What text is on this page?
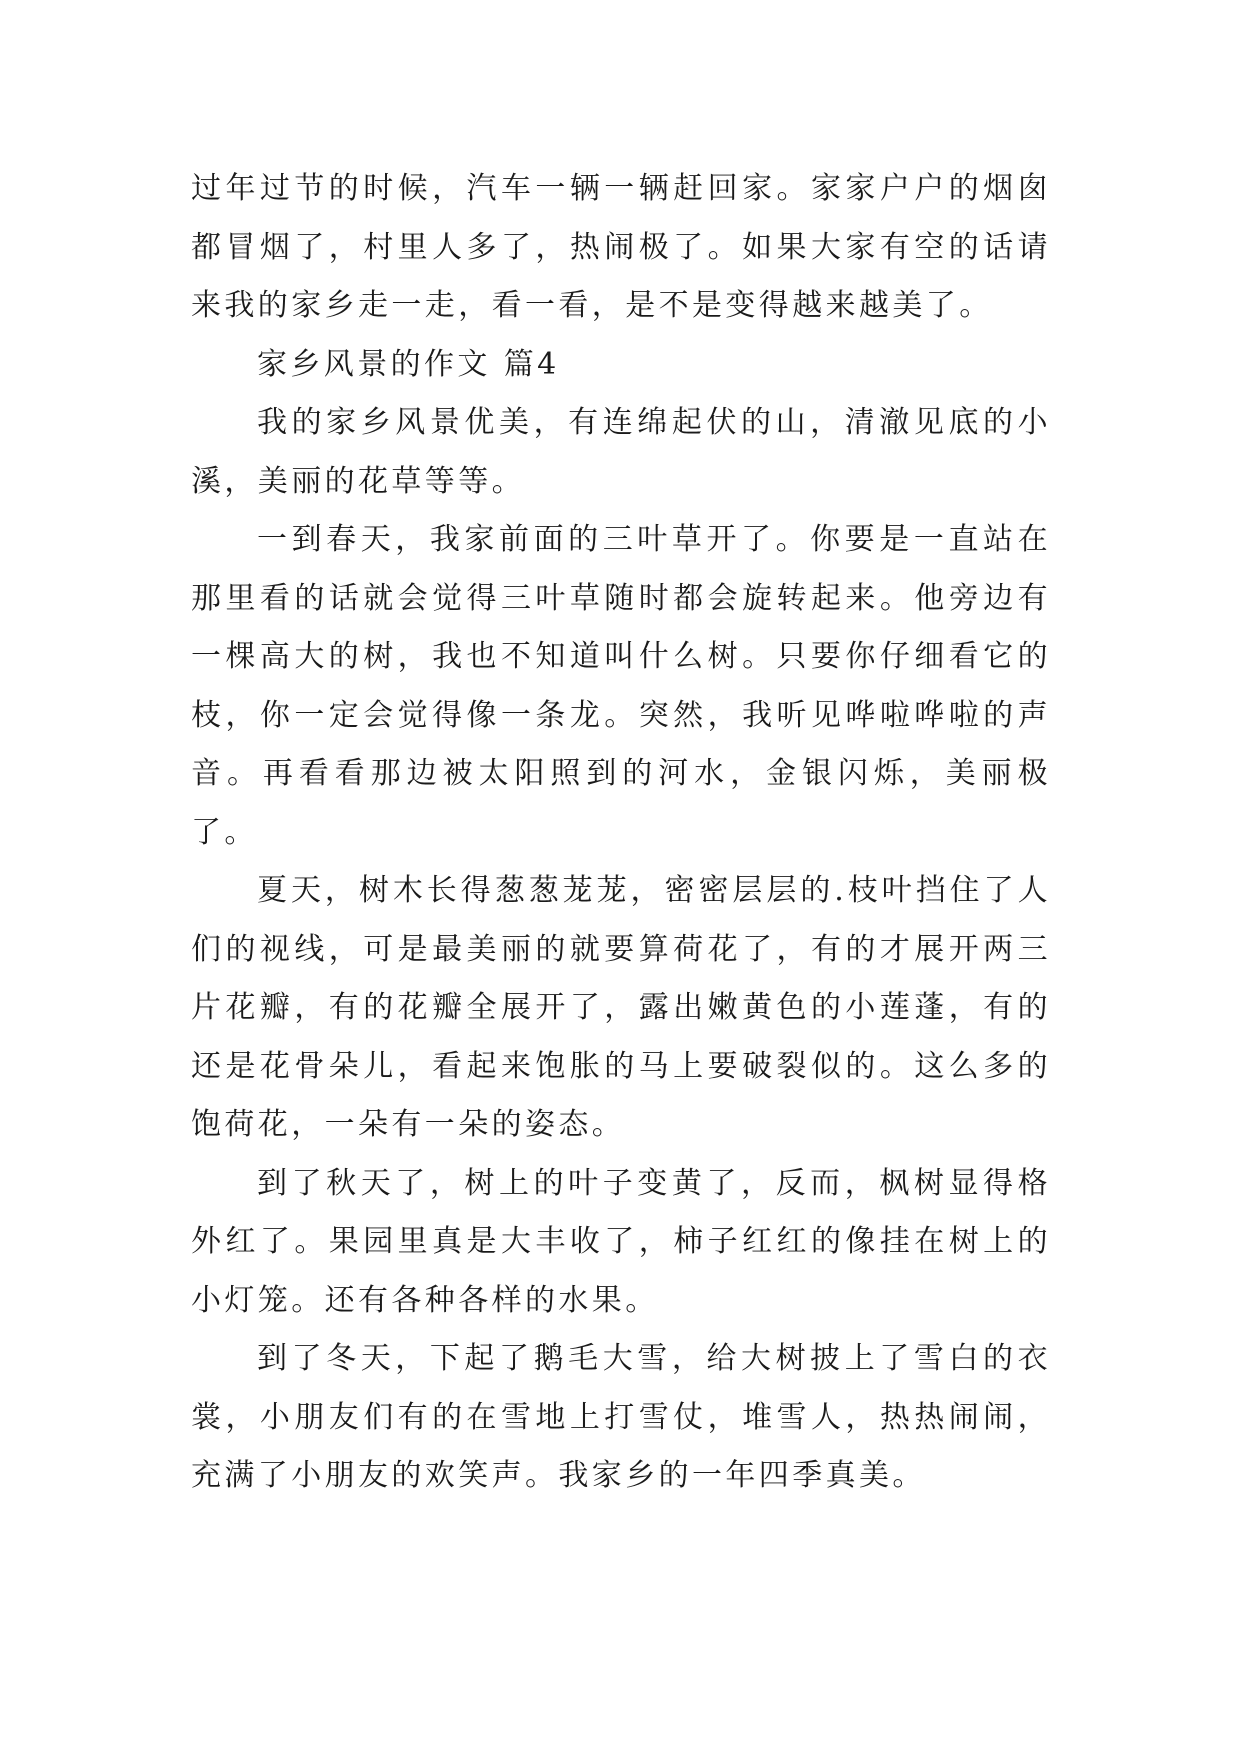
过年过节的时候，汽车一辆一辆赶回家。家家户户的烟囱都冒烟了，村里人多了，热闹极了。如果大家有空的话请来我的家乡走一走，看一看，是不是变得越来越美了。

家乡风景的作文 篇4

我的家乡风景优美，有连绵起伏的山，清澈见底的小溪，美丽的花草等等。

一到春天，我家前面的三叶草开了。你要是一直站在那里看的话就会觉得三叶草随时都会旋转起来。他旁边有一棵高大的树，我也不知道叫什么树。只要你仔细看它的枝，你一定会觉得像一条龙。突然，我听见哗啦哗啦的声音。再看看那边被太阳照到的河水，金银闪烁，美丽极了。

夏天，树木长得葱葱茏茏，密密层层的.枝叶挡住了人们的视线，可是最美丽的就要算荷花了，有的才展开两三片花瓣，有的花瓣全展开了，露出嫩黄色的小莲蓬，有的还是花骨朵儿，看起来饱胀的马上要破裂似的。这么多的饱荷花，一朵有一朵的姿态。

到了秋天了，树上的叶子变黄了，反而，枫树显得格外红了。果园里真是大丰收了，柿子红红的像挂在树上的小灯笼。还有各种各样的水果。

到了冬天，下起了鹅毛大雪，给大树披上了雪白的衣裳，小朋友们有的在雪地上打雪仗，堆雪人，热热闹闹，充满了小朋友的欢笑声。我家乡的一年四季真美。
